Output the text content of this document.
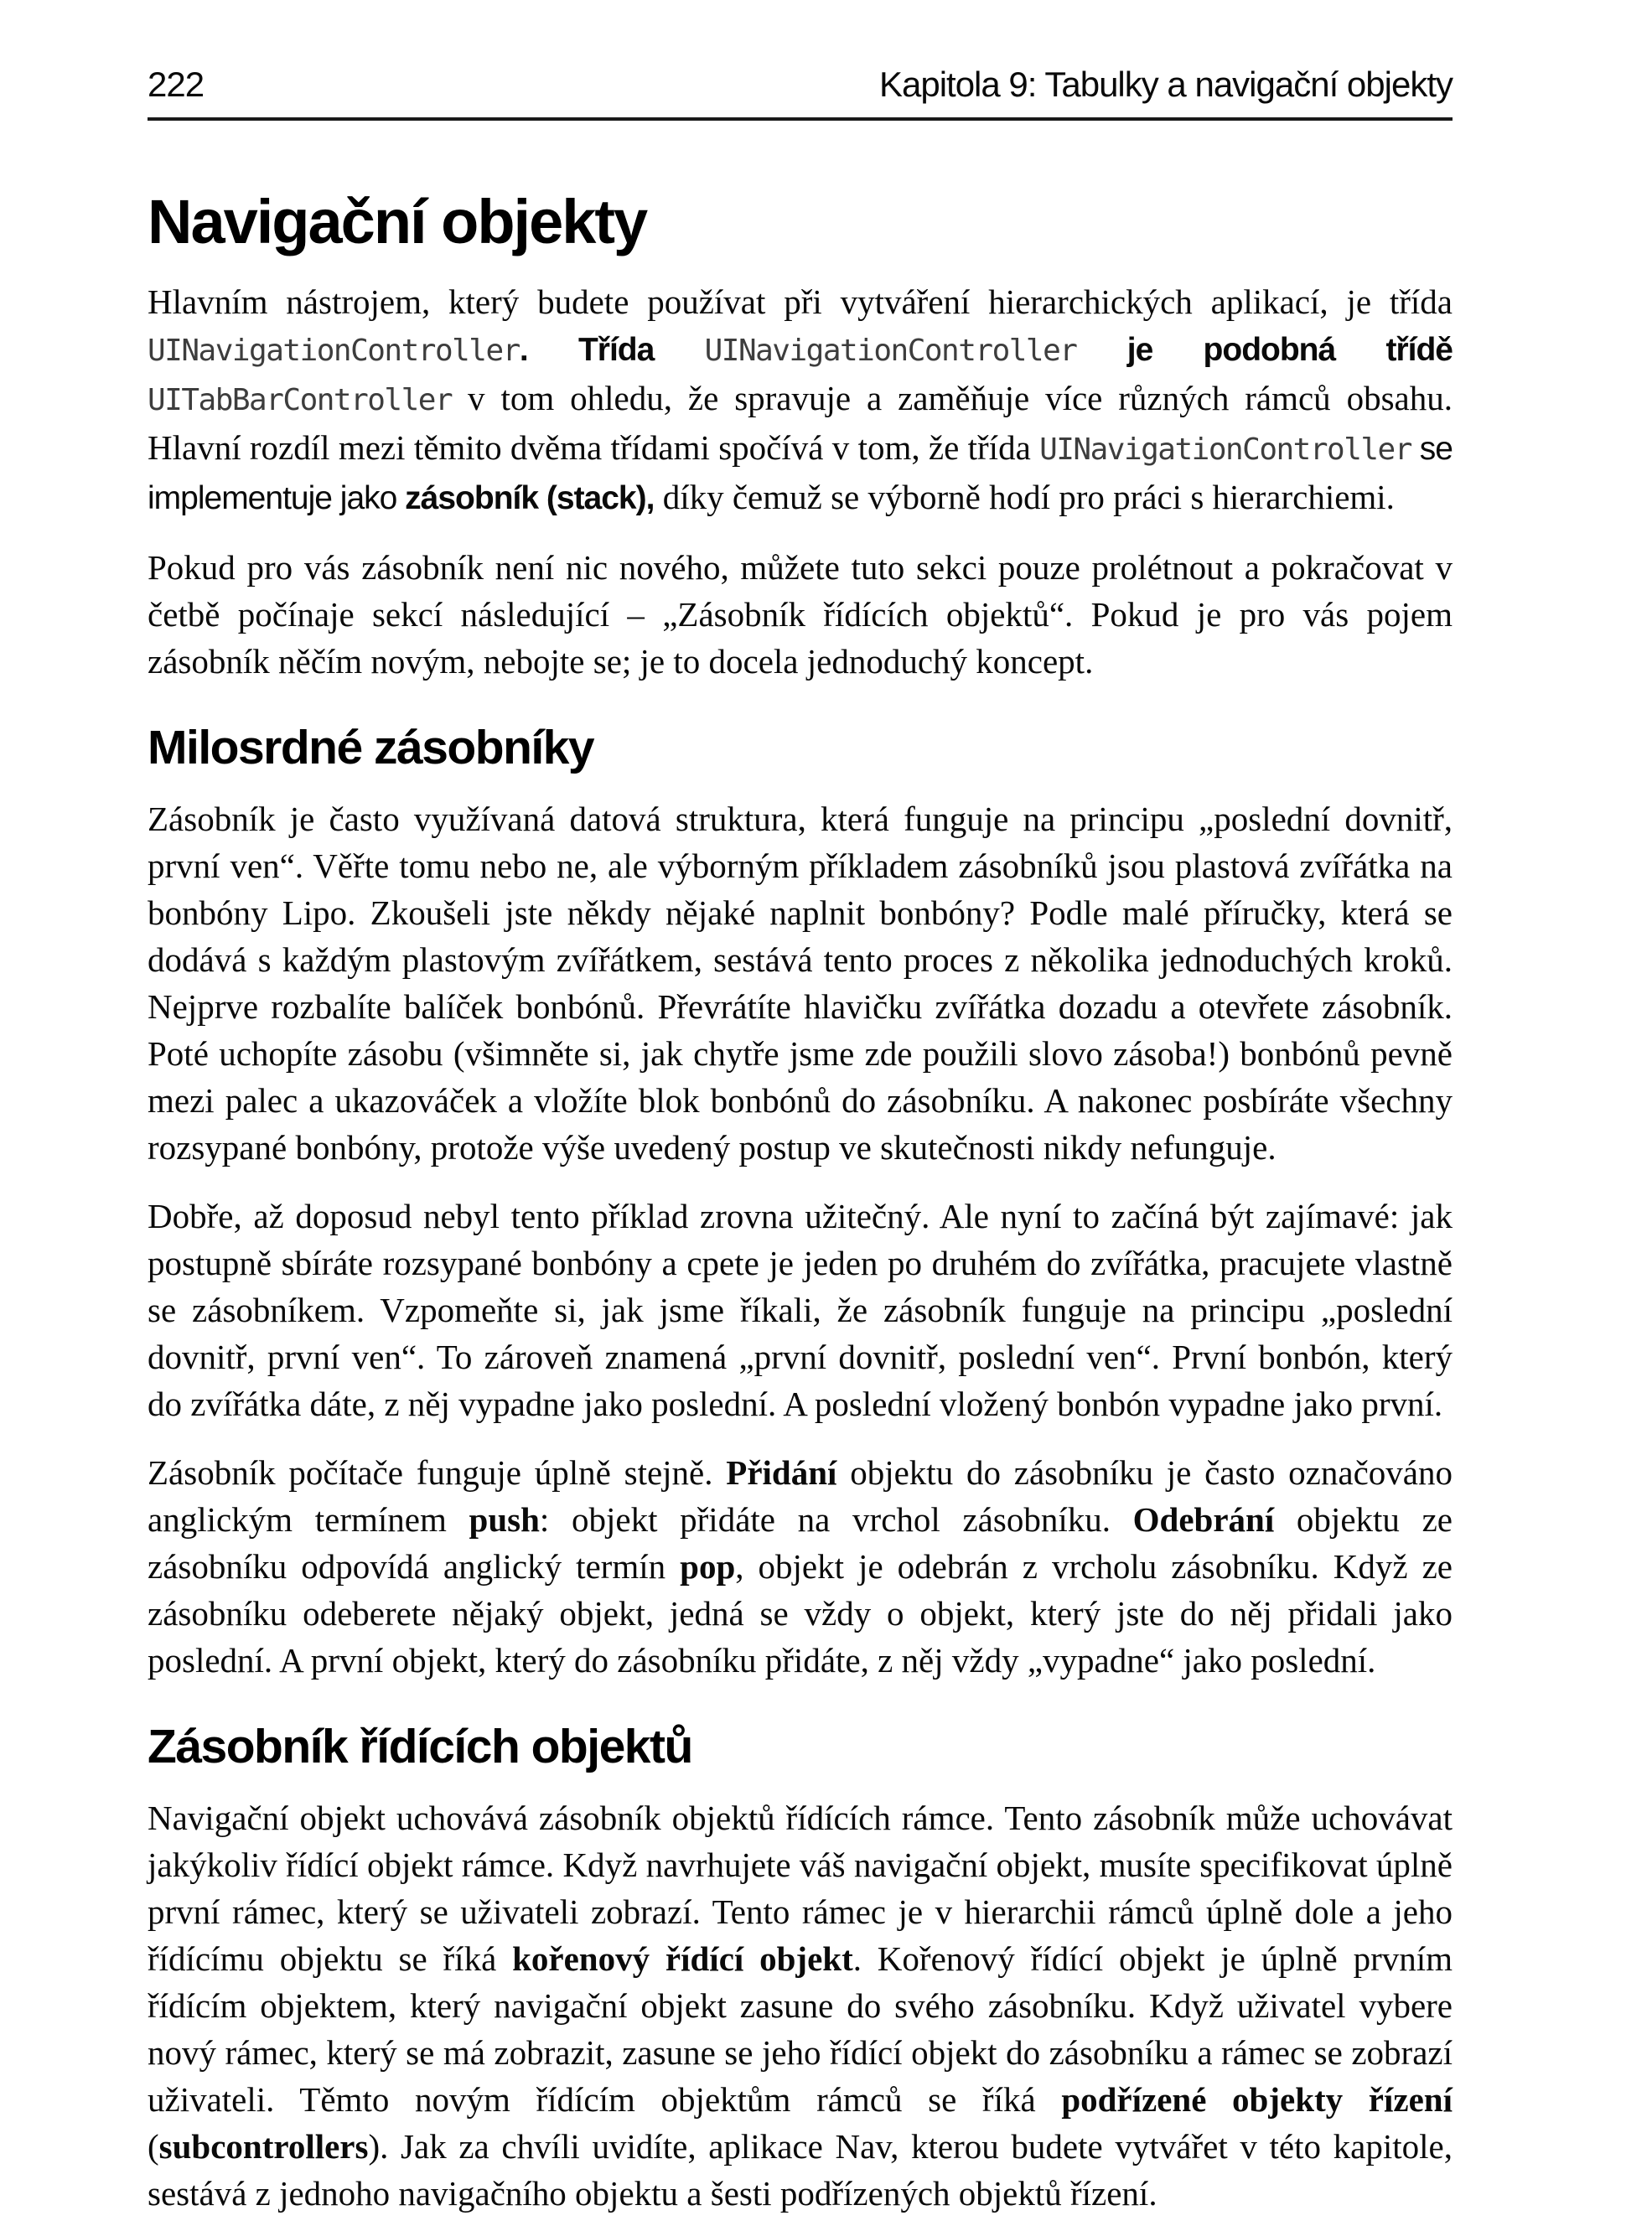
222	Kapitola 9: Tabulky a navigační objekty
Navigační objekty

Hlavním nástrojem, který budete používat při vytváření hierarchických aplikací, je třída UINavigationController. Třída UINavigationController je podobná třídě UITabBarController v tom ohledu, že spravuje a zaměňuje více různých rámců obsahu. Hlavní rozdíl mezi těmito dvěma třídami spočívá v tom, že třída UINavigationController se implementuje jako zásobník (stack), díky čemuž se výborně hodí pro práci s hierarchiemi.

Pokud pro vás zásobník není nic nového, můžete tuto sekci pouze prolétnout a pokračovat v četbě počínaje sekcí následující – „Zásobník řídících objektů“. Pokud je pro vás pojem zásobník něčím novým, nebojte se; je to docela jednoduchý koncept.

Milosrdné zásobníky

Zásobník je často využívaná datová struktura, která funguje na principu „poslední dovnitř, první ven“. Věřte tomu nebo ne, ale výborným příkladem zásobníků jsou plastová zvířátka na bonbóny Lipo. Zkoušeli jste někdy nějaké naplnit bonbóny? Podle malé příručky, která se dodává s každým plastovým zvířátkem, sestává tento proces z několika jednoduchých kroků. Nejprve rozbalíte balíček bonbónů. Převrátíte hlavičku zvířátka dozadu a otevřete zásobník. Poté uchopíte zásobu (všimněte si, jak chytře jsme zde použili slovo zásoba!) bonbónů pevně mezi palec a ukazováček a vložíte blok bonbónů do zásobníku. A nakonec posbíráte všechny rozsypané bonbóny, protože výše uvedený postup ve skutečnosti nikdy nefunguje.

Dobře, až doposud nebyl tento příklad zrovna užitečný. Ale nyní to začíná být zajímavé: jak postupně sbíráte rozsypané bonbóny a cpete je jeden po druhém do zvířátka, pracujete vlastně se zásobníkem. Vzpomeňte si, jak jsme říkali, že zásobník funguje na principu „poslední dovnitř, první ven“. To zároveň znamená „první dovnitř, poslední ven“. První bonbón, který do zvířátka dáte, z něj vypadne jako poslední. A poslední vložený bonbón vypadne jako první.

Zásobník počítače funguje úplně stejně. Přidání objektu do zásobníku je často označováno anglickým termínem push: objekt přidáte na vrchol zásobníku. Odebrání objektu ze zásobníku odpovídá anglický termín pop, objekt je odebrán z vrcholu zásobníku. Když ze zásobníku odeberete nějaký objekt, jedná se vždy o objekt, který jste do něj přidali jako poslední. A první objekt, který do zásobníku přidáte, z něj vždy „vypadne“ jako poslední.

Zásobník řídících objektů

Navigační objekt uchovává zásobník objektů řídících rámce. Tento zásobník může uchovávat jakýkoliv řídící objekt rámce. Když navrhujete váš navigační objekt, musíte specifikovat úplně první rámec, který se uživateli zobrazí. Tento rámec je v hierarchii rámců úplně dole a jeho řídícímu objektu se říká kořenový řídící objekt. Kořenový řídící objekt je úplně prvním řídícím objektem, který navigační objekt zasune do svého zásobníku. Když uživatel vybere nový rámec, který se má zobrazit, zasune se jeho řídící objekt do zásobníku a rámec se zobrazí uživateli. Těmto novým řídícím objektům rámců se říká podřízené objekty řízení (subcontrollers). Jak za chvíli uvidíte, aplikace Nav, kterou budete vytvářet v této kapitole, sestává z jednoho navigačního objektu a šesti podřízených objektů řízení.
